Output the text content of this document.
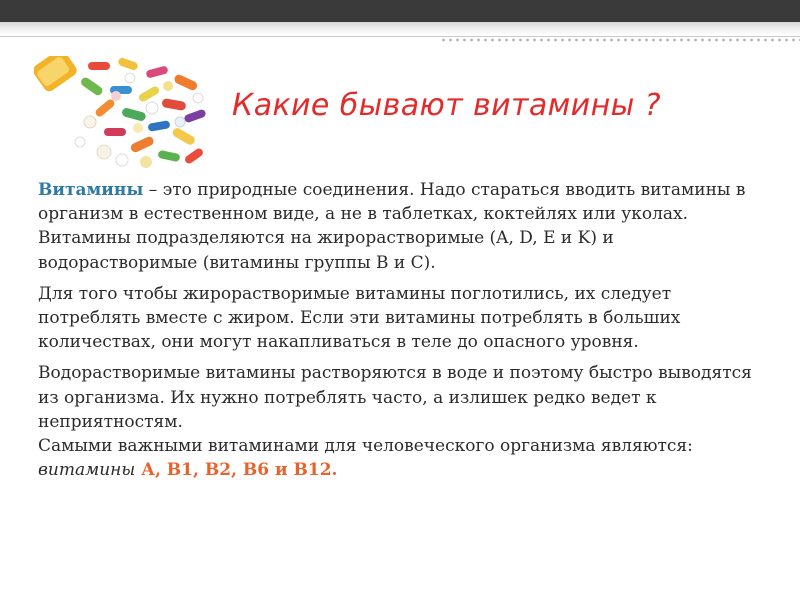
Какие бывают витамины ?

Витамины – это природные соединения. Надо стараться вводить витамины в организм в естественном виде, а не в таблетках, коктейлях или уколах. Витамины подразделяются на жирорастворимые (A, D, E и K) и водорастворимые (витамины группы B и С).

Для того чтобы жирорастворимые витамины поглотились, их следует потреблять вместе с жиром. Если эти витамины потреблять в больших количествах, они могут накапливаться в теле до опасного уровня.

Водорастворимые витамины растворяются в воде и поэтому быстро выводятся из организма. Их нужно потреблять часто, а излишек редко ведет к неприятностям.

Самыми важными витаминами для человеческого организма являются: витамины А, В1, В2, В6 и В12.
